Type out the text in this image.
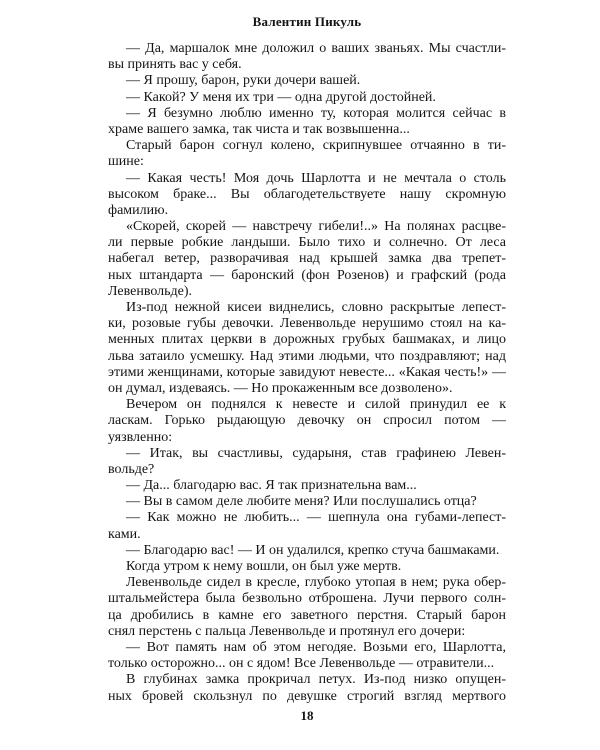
Валентин Пикуль
— Да, маршалок мне доложил о ваших званьях. Мы счастли-
вы принять вас у себя.
— Я прошу, барон, руки дочери вашей.
— Какой? У меня их три — одна другой достойней.
— Я безумно люблю именно ту, которая молится сейчас в
храме вашего замка, так чиста и так возвышенна...
Старый барон согнул колено, скрипнувшее отчаянно в ти-
шине:
— Какая честь! Моя дочь Шарлотта и не мечтала о столь
высоком браке... Вы облагодетельствуете нашу скромную
фамилию.
«Скорей, скорей — навстречу гибели!..» На полянах расцве-
ли первые робкие ландыши. Было тихо и солнечно. От леса
набегал ветер, разворачивая над крышей замка два трепет-
ных штандарта — баронский (фон Розенов) и графский (рода
Левенвольде).
Из-под нежной кисеи виднелись, словно раскрытые лепест-
ки, розовые губы девочки. Левенвольде нерушимо стоял на ка-
менных плитах церкви в дорожных грубых башмаках, и лицо
льва затаило усмешку. Над этими людьми, что поздравляют; над
этими женщинами, которые завидуют невесте... «Какая честь!» —
он думал, издеваясь. — Но прокаженным все дозволено».
Вечером он поднялся к невесте и силой принудил ее к
ласкам. Горько рыдающую девочку он спросил потом —
уязвленно:
— Итак, вы счастливы, сударыня, став графинею Левен-
вольде?
— Да... благодарю вас. Я так признательна вам...
— Вы в самом деле любите меня? Или послушались отца?
— Как можно не любить... — шепнула она губами-лепест-
ками.
— Благодарю вас! — И он удалился, крепко стуча башмаками.
Когда утром к нему вошли, он был уже мертв.
Левенвольде сидел в кресле, глубоко утопая в нем; рука обер-
штальмейстера была безвольно отброшена. Лучи первого солн-
ца дробились в камне его заветного перстня. Старый барон
снял перстень с пальца Левенвольде и протянул его дочери:
— Вот память нам об этом негодяе. Возьми его, Шарлотта,
только осторожно... он с ядом! Все Левенвольде — отравители...
В глубинах замка прокричал петух. Из-под низко опущен-
ных бровей скользнул по девушке строгий взгляд мертвого
18
